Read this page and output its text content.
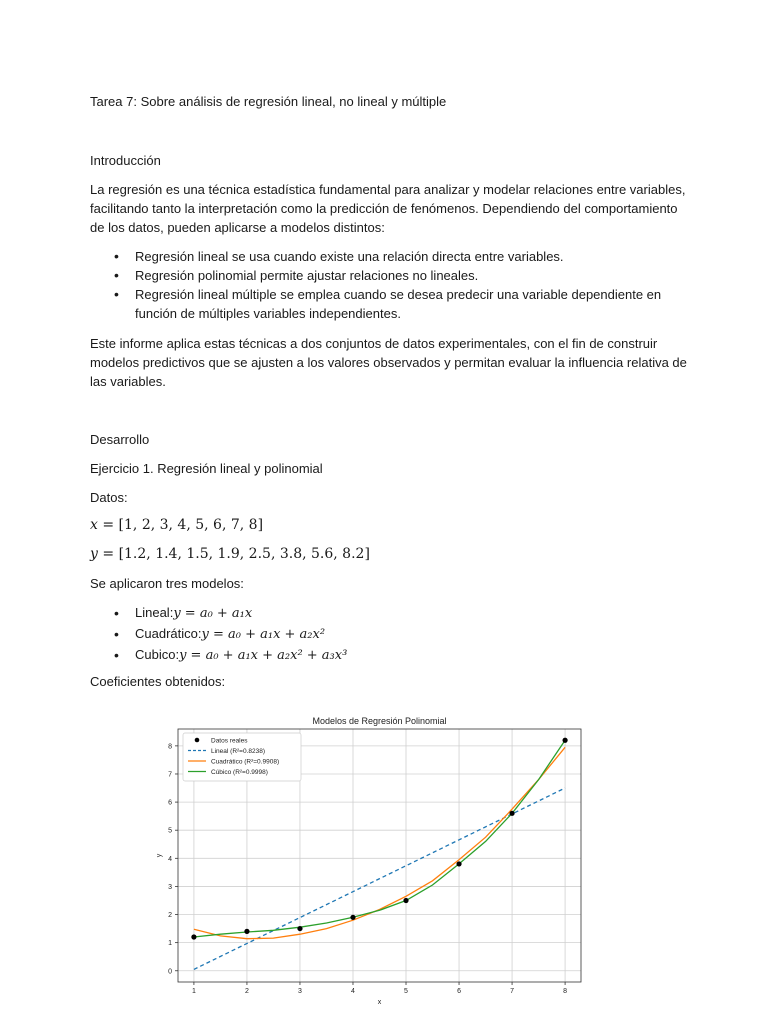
Tarea 7: Sobre análisis de regresión lineal, no lineal y múltiple
Introducción
La regresión es una técnica estadística fundamental para analizar y modelar relaciones entre variables, facilitando tanto la interpretación como la predicción de fenómenos. Dependiendo del comportamiento de los datos, pueden aplicarse a modelos distintos:
• Regresión lineal se usa cuando existe una relación directa entre variables.
• Regresión polinomial permite ajustar relaciones no lineales.
• Regresión lineal múltiple se emplea cuando se desea predecir una variable dependiente en función de múltiples variables independientes.
Este informe aplica estas técnicas a dos conjuntos de datos experimentales, con el fin de construir modelos predictivos que se ajusten a los valores observados y permitan evaluar la influencia relativa de las variables.
Desarrollo
Ejercicio 1. Regresión lineal y polinomial
Datos:
x = [1, 2, 3, 4, 5, 6, 7, 8]
y = [1.2, 1.4, 1.5, 1.9, 2.5, 3.8, 5.6, 8.2]
Se aplicaron tres modelos:
• Lineal:y = a₀ + a₁x
• Cuadrático:y = a₀ + a₁x + a₂x²
• Cubico:y = a₀ + a₁x + a₂x² + a₃x³
Coeficientes obtenidos:
Modelos de Regresión Polinomial
1	2	3	4	5	6	7	8
0
1
2
3
4
5
6
7
8
x
y
Datos reales
Lineal (R²=0.8238)
Cuadrático (R²=0.9908)
Cúbico (R²=0.9998)
